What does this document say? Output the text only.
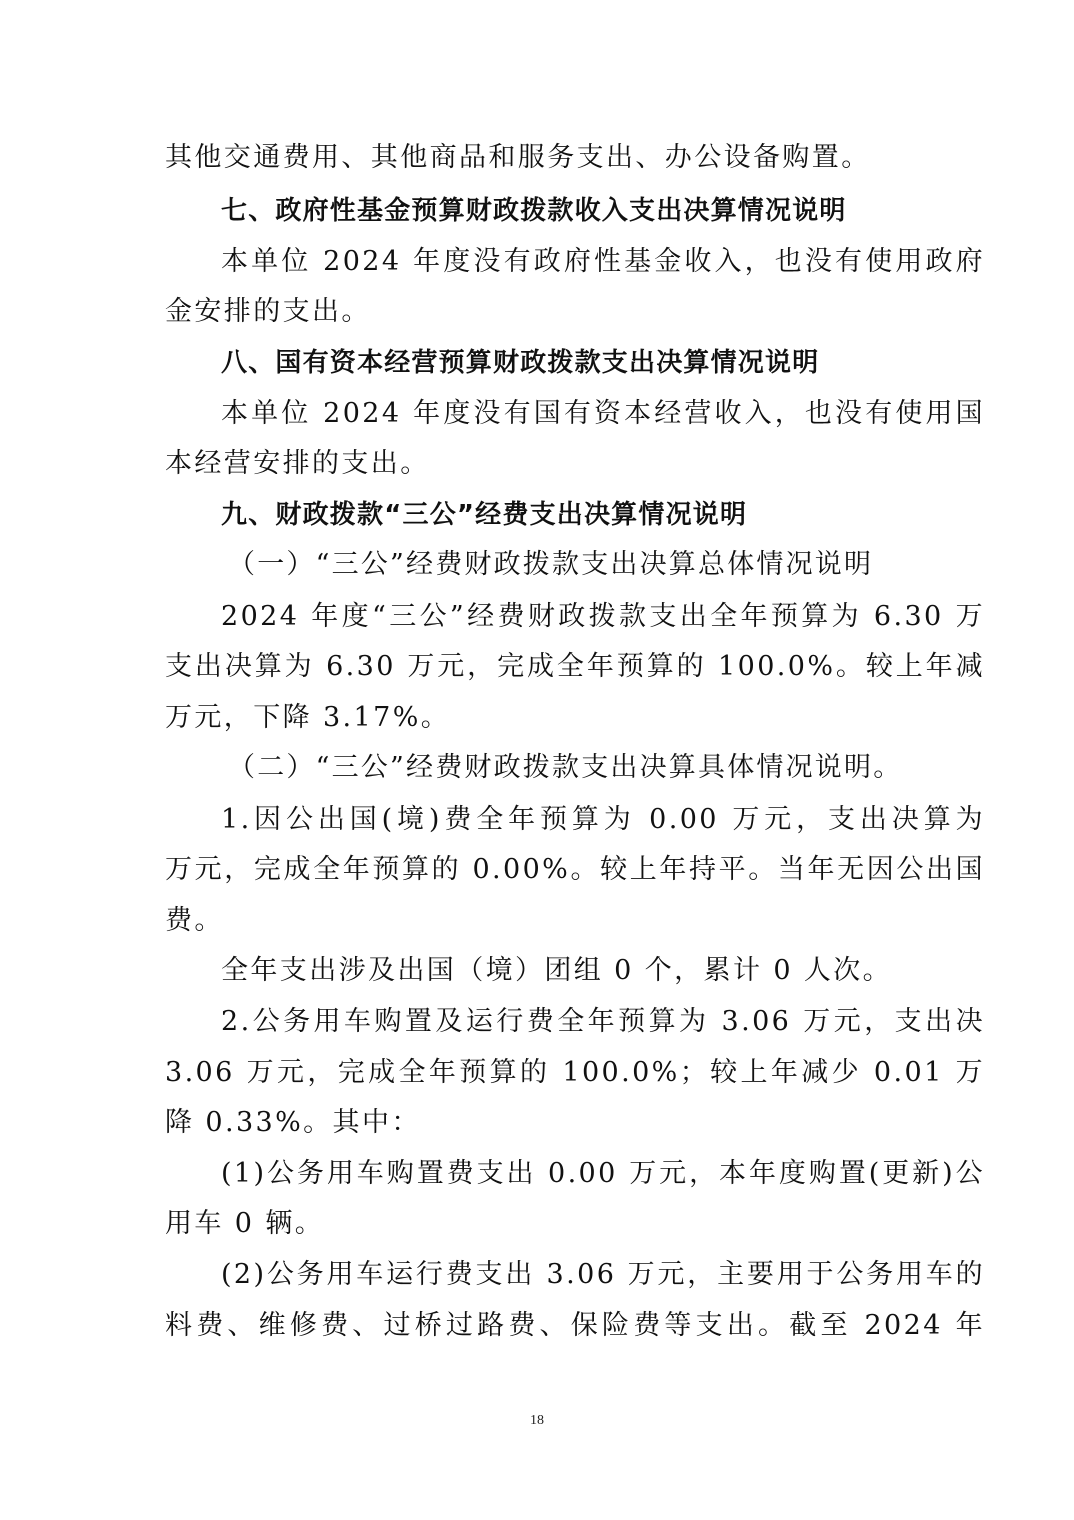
其他交通费用、其他商品和服务支出、办公设备购置。
七、政府性基金预算财政拨款收入支出决算情况说明
本单位 2024 年度没有政府性基金收入，也没有使用政府
金安排的支出。
八、国有资本经营预算财政拨款支出决算情况说明
本单位 2024 年度没有国有资本经营收入，也没有使用国
本经营安排的支出。
九、财政拨款“三公”经费支出决算情况说明
（一）“三公”经费财政拨款支出决算总体情况说明
2024 年度“三公”经费财政拨款支出全年预算为 6.30 万
支出决算为 6.30 万元，完成全年预算的 100.0%。较上年减
万元，下降 3.17%。
（二）“三公”经费财政拨款支出决算具体情况说明。
1.因公出国(境)费全年预算为 0.00 万元，支出决算为
万元，完成全年预算的 0.00%。较上年持平。当年无因公出国
费。
全年支出涉及出国（境）团组 0 个，累计 0 人次。
2.公务用车购置及运行费全年预算为 3.06 万元，支出决
3.06 万元，完成全年预算的 100.0%；较上年减少 0.01 万
降 0.33%。其中：
(1)公务用车购置费支出 0.00 万元，本年度购置(更新)公
用车 0 辆。
(2)公务用车运行费支出 3.06 万元，主要用于公务用车的
料费、维修费、过桥过路费、保险费等支出。截至 2024 年
18
